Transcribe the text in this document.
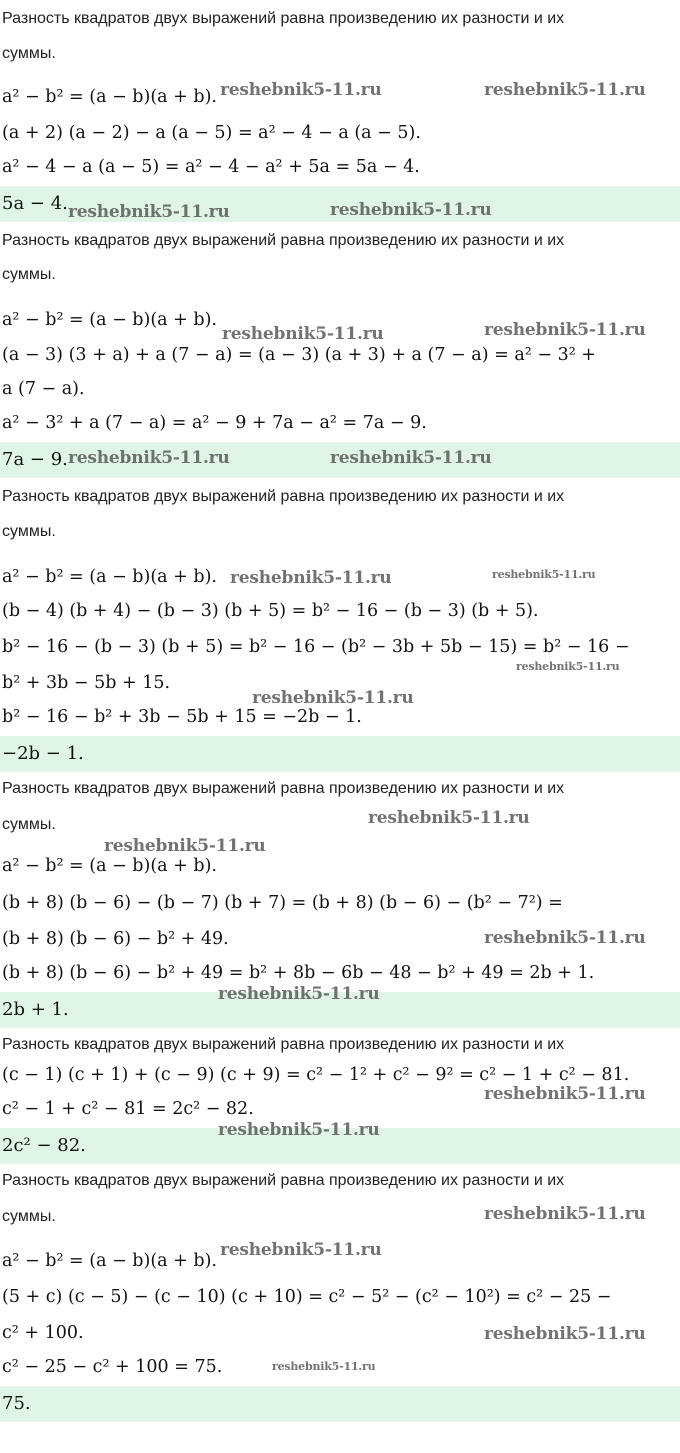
Разность квадратов двух выражений равна произведению их разности и их

суммы.

a² − b² = (a − b)(a + b).
(a + 2) (a − 2) − a (a − 5) = a² − 4 − a (a − 5).
a² − 4 − a (a − 5) = a² − 4 − a² + 5a = 5a − 4.
5a − 4.

Разность квадратов двух выражений равна произведению их разности и их

суммы.

a² − b² = (a − b)(a + b).
(a − 3) (3 + a) + a (7 − a) = (a − 3) (a + 3) + a (7 − a) = a² − 3² +
a (7 − a).
a² − 3² + a (7 − a) = a² − 9 + 7a − a² = 7a − 9.
7a − 9.

Разность квадратов двух выражений равна произведению их разности и их

суммы.

a² − b² = (a − b)(a + b).
(b − 4) (b + 4) − (b − 3) (b + 5) = b² − 16 − (b − 3) (b + 5).
b² − 16 − (b − 3) (b + 5) = b² − 16 − (b² − 3b + 5b − 15) = b² − 16 −
b² + 3b − 5b + 15.
b² − 16 − b² + 3b − 5b + 15 = −2b − 1.
−2b − 1.

Разность квадратов двух выражений равна произведению их разности и их

суммы.

a² − b² = (a − b)(a + b).
(b + 8) (b − 6) − (b − 7) (b + 7) = (b + 8) (b − 6) − (b² − 7²) =
(b + 8) (b − 6) − b² + 49.
(b + 8) (b − 6) − b² + 49 = b² + 8b − 6b − 48 − b² + 49 = 2b + 1.
2b + 1.

Разность квадратов двух выражений равна произведению их разности и их

(c − 1) (c + 1) + (c − 9) (c + 9) = c² − 1² + c² − 9² = c² − 1 + c² − 81.
c² − 1 + c² − 81 = 2c² − 82.
2c² − 82.

Разность квадратов двух выражений равна произведению их разности и их

суммы.

a² − b² = (a − b)(a + b).
(5 + c) (c − 5) − (c − 10) (c + 10) = c² − 5² − (c² − 10²) = c² − 25 −
c² + 100.
c² − 25 − c² + 100 = 75.
75.
reshebnik5-11.ru	reshebnik5-11.ru
reshebnik5-11.ru	reshebnik5-11.ru
reshebnik5-11.ru	reshebnik5-11.ru
reshebnik5-11.ru	reshebnik5-11.ru
reshebnik5-11.ru	reshebnik5-11.ru
reshebnik5-11.ru
reshebnik5-11.ru
reshebnik5-11.ru
reshebnik5-11.ru
reshebnik5-11.ru
reshebnik5-11.ru
reshebnik5-11.ru
reshebnik5-11.ru
reshebnik5-11.ru
reshebnik5-11.ru
reshebnik5-11.ru
reshebnik5-11.ru
